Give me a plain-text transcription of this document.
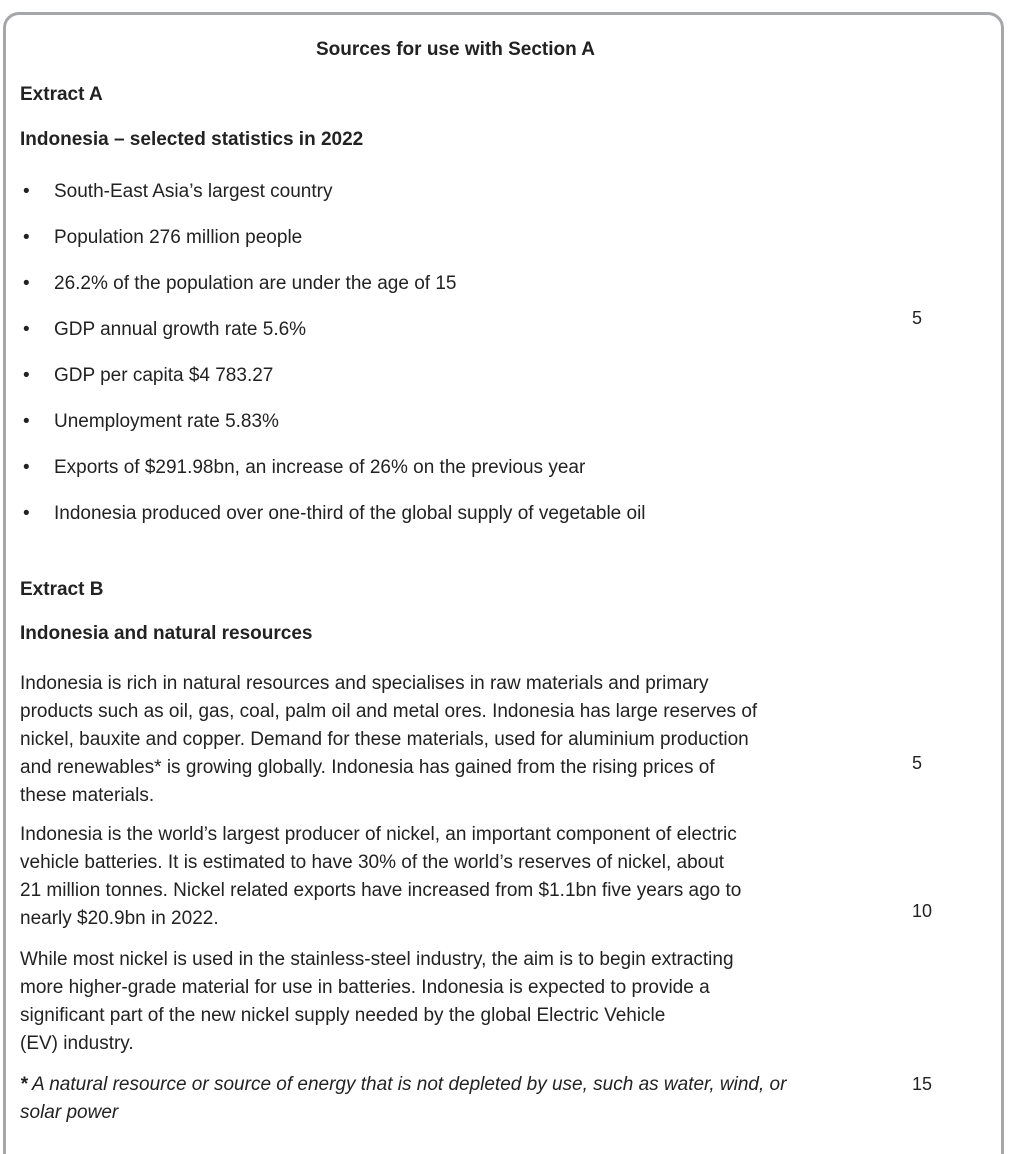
Sources for use with Section A
Extract A
Indonesia – selected statistics in 2022
•	South-East Asia’s largest country
•	Population 276 million people
•	26.2% of the population are under the age of 15
•	GDP annual growth rate 5.6%
•	GDP per capita $4 783.27
•	Unemployment rate 5.83%
•	Exports of $291.98bn, an increase of 26% on the previous year
•	Indonesia produced over one-third of the global supply of vegetable oil
Extract B
Indonesia and natural resources
Indonesia is rich in natural resources and specialises in raw materials and primary
products such as oil, gas, coal, palm oil and metal ores. Indonesia has large reserves of
nickel, bauxite and copper. Demand for these materials, used for aluminium production
and renewables* is growing globally. Indonesia has gained from the rising prices of
these materials.
Indonesia is the world’s largest producer of nickel, an important component of electric
vehicle batteries. It is estimated to have 30% of the world’s reserves of nickel, about
21 million tonnes. Nickel related exports have increased from $1.1bn five years ago to
nearly $20.9bn in 2022.
While most nickel is used in the stainless-steel industry, the aim is to begin extracting
more higher-grade material for use in batteries. Indonesia is expected to provide a
significant part of the new nickel supply needed by the global Electric Vehicle
(EV) industry.
* A natural resource or source of energy that is not depleted by use, such as water, wind, or
solar power
5
5
10
15
